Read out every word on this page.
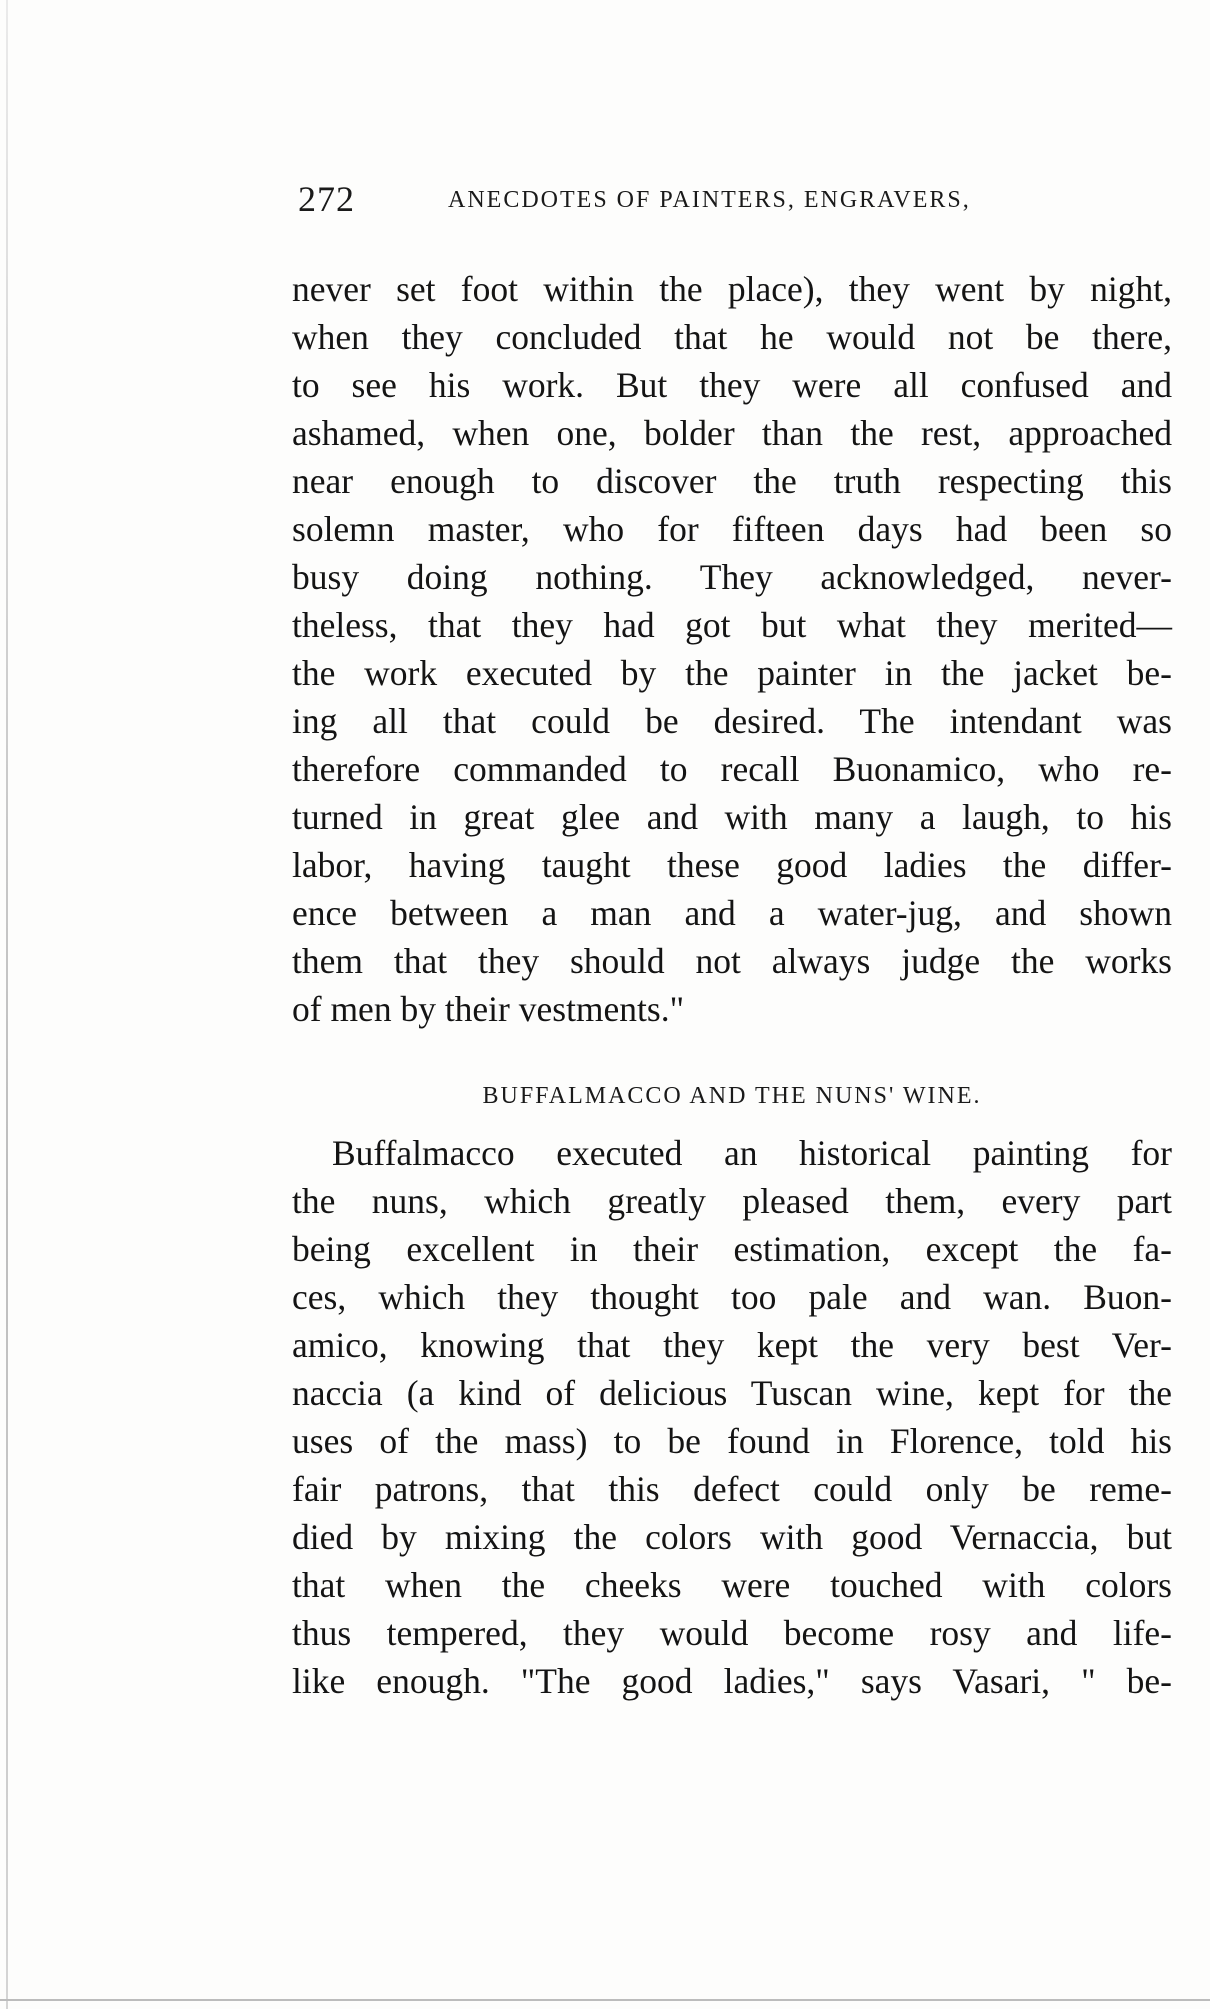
272	ANECDOTES OF PAINTERS, ENGRAVERS,
never set foot within the place), they went by night,
when they concluded that he would not be there,
to see his work. But they were all confused and
ashamed, when one, bolder than the rest, approached
near enough to discover the truth respecting this
solemn master, who for fifteen days had been so
busy doing nothing. They acknowledged, never-
theless, that they had got but what they merited—
the work executed by the painter in the jacket be-
ing all that could be desired. The intendant was
therefore commanded to recall Buonamico, who re-
turned in great glee and with many a laugh, to his
labor, having taught these good ladies the differ-
ence between a man and a water-jug, and shown
them that they should not always judge the works
of men by their vestments."
BUFFALMACCO AND THE NUNS' WINE.
Buffalmacco executed an historical painting for
the nuns, which greatly pleased them, every part
being excellent in their estimation, except the fa-
ces, which they thought too pale and wan. Buon-
amico, knowing that they kept the very best Ver-
naccia (a kind of delicious Tuscan wine, kept for the
uses of the mass) to be found in Florence, told his
fair patrons, that this defect could only be reme-
died by mixing the colors with good Vernaccia, but
that when the cheeks were touched with colors
thus tempered, they would become rosy and life-
like enough. "The good ladies," says Vasari, " be-
